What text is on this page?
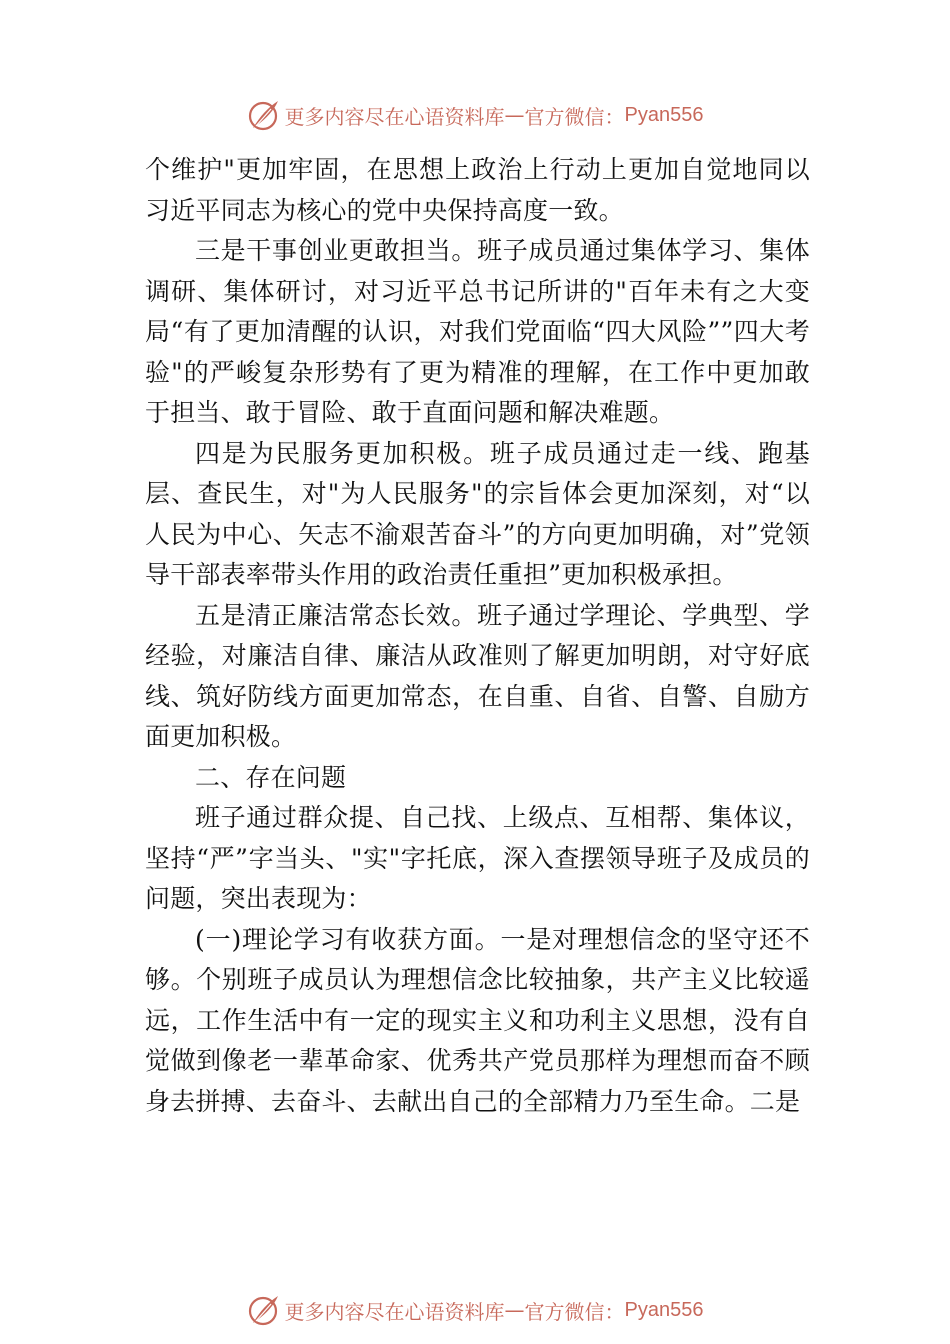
更多内容尽在心语资料库 — 官方微信： Pyan556

个维护"更加牢固，在思想上政治上行动上更加自觉地同以习近平同志为核心的党中央保持高度一致。

三是干事创业更敢担当。班子成员通过集体学习、集体调研、集体研讨，对习近平总书记所讲的"百年未有之大变局“有了更加清醒的认识，对我们党面临“四大风险””四大考验"的严峻复杂形势有了更为精准的理解，在工作中更加敢于担当、敢于冒险、敢于直面问题和解决难题。

四是为民服务更加积极。班子成员通过走一线、跑基层、查民生，对"为人民服务"的宗旨体会更加深刻，对“以人民为中心、矢志不渝艰苦奋斗”的方向更加明确，对”党领导干部表率带头作用的政治责任重担”更加积极承担。

五是清正廉洁常态长效。班子通过学理论、学典型、学经验，对廉洁自律、廉洁从政准则了解更加明朗，对守好底线、筑好防线方面更加常态，在自重、自省、自警、自励方面更加积极。

二、存在问题

班子通过群众提、自己找、上级点、互相帮、集体议，坚持“严”字当头、"实"字托底，深入查摆领导班子及成员的问题，突出表现为：

(一)理论学习有收获方面。一是对理想信念的坚守还不够。个别班子成员认为理想信念比较抽象，共产主义比较遥远，工作生活中有一定的现实主义和功利主义思想，没有自觉做到像老一辈革命家、优秀共产党员那样为理想而奋不顾身去拼搏、去奋斗、去献出自己的全部精力乃至生命。二是

更多内容尽在心语资料库 — 官方微信： Pyan556
